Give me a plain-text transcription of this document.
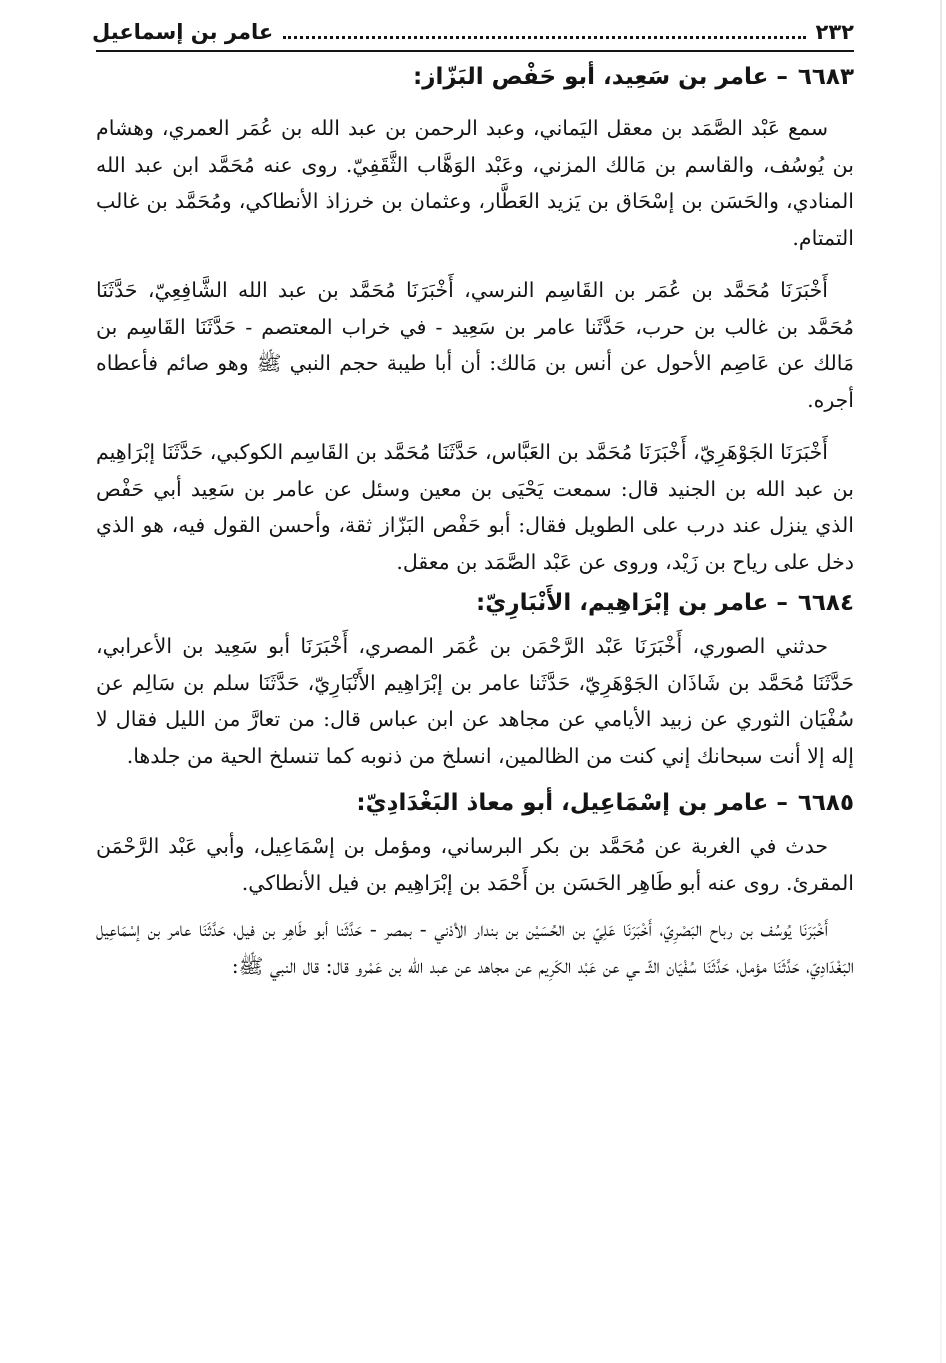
٢٣٢
عامر بن إسماعيل
٦٦٨٣ – عامر بن سَعِيد، أبو حَفْص البَزّاز:

سمع عَبْد الصَّمَد بن معقل اليَماني، وعبد الرحمن بن عبد الله بن عُمَر العمري، وهشام بن يُوسُف، والقاسم بن مَالك المزني، وعَبْد الوَهَّاب الثَّقَفِيّ. روى عنه مُحَمَّد ابن عبد الله المنادي، والحَسَن بن إسْحَاق بن يَزيد العَطَّار، وعثمان بن خرزاذ الأنطاكي، ومُحَمَّد بن غالب التمتام.

أَخْبَرَنَا مُحَمَّد بن عُمَر بن القَاسِم النرسي، أَخْبَرَنَا مُحَمَّد بن عبد الله الشَّافِعِيّ، حَدَّثَنَا مُحَمَّد بن غالب بن حرب، حَدَّثَنا عامر بن سَعِيد - في خراب المعتصم - حَدَّثَنَا القَاسِم بن مَالك عن عَاصِم الأحول عن أنس بن مَالك: أن أبا طيبة حجم النبي ﷺ وهو صائم فأعطاه أجره.

أَخْبَرَنَا الجَوْهَرِيّ، أَخْبَرَنَا مُحَمَّد بن العَبَّاس، حَدَّثَنَا مُحَمَّد بن القَاسِم الكوكبي، حَدَّثَنَا إبْرَاهِيم بن عبد الله بن الجنيد قال: سمعت يَحْيَى بن معين وسئل عن عامر بن سَعِيد أبي حَفْص الذي ينزل عند درب على الطويل فقال: أبو حَفْص البَزّاز ثقة، وأحسن القول فيه، هو الذي دخل على رياح بن زَيْد، وروى عن عَبْد الصَّمَد بن معقل.

٦٦٨٤ – عامر بن إبْرَاهِيم، الأَنْبَارِيّ:

حدثني الصوري، أَخْبَرَنَا عَبْد الرَّحْمَن بن عُمَر المصري، أَخْبَرَنَا أبو سَعِيد بن الأعرابي، حَدَّثَنَا مُحَمَّد بن شَاذَان الجَوْهَرِيّ، حَدَّثَنا عامر بن إبْرَاهِيم الأَنْبَارِيّ، حَدَّثَنَا سلم بن سَالِم عن سُفْيَان الثوري عن زبيد الأيامي عن مجاهد عن ابن عباس قال: من تعارَّ من الليل فقال لا إله إلا أنت سبحانك إني كنت من الظالمين، انسلخ من ذنوبه كما تنسلخ الحية من جلدها.

٦٦٨٥ – عامر بن إسْمَاعِيل، أبو معاذ البَغْدَادِيّ:

حدث في الغربة عن مُحَمَّد بن بكر البرساني، ومؤمل بن إسْمَاعِيل، وأبي عَبْد الرَّحْمَن المقرئ. روى عنه أبو طَاهِر الحَسَن بن أَحْمَد بن إبْرَاهِيم بن فيل الأنطاكي.

أَخْبَرَنَا يُوسُف بن رباح البَصْرِيّ، أَخْبَرَنَا عَلِيّ بن الحُسَيْن بن بندار الأذني - بمصر - حَدَّثَنا أبو طَاهِر بن فيل، حَدَّثَنَا عامر بن إسْمَاعِيل البَغْدَادِيّ، حَدَّثَنَا مؤمل، حَدَّثَنَا سُفْيَان الثّـ ـي عن عَبْد الكَرِيم عن مجاهد عن عبد الله بن عَمْرو قال: قال النبي ﷺ:
